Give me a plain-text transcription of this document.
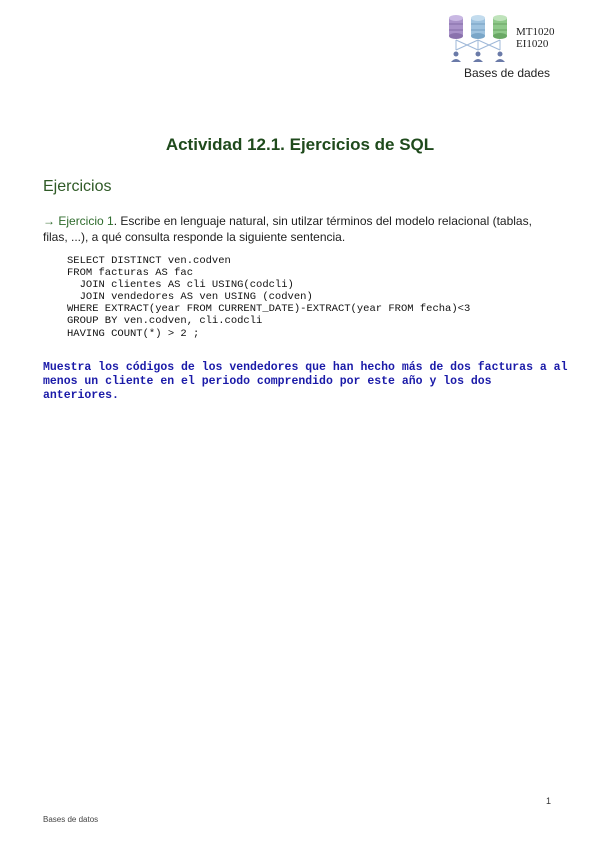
MT1020
EI1020
Bases de dades
Actividad 12.1. Ejercicios de SQL
Ejercicios

→ Ejercicio 1. Escribe en lenguaje natural, sin utilzar términos del modelo relacional (tablas, filas, ...), a qué consulta responde la siguiente sentencia.

SELECT DISTINCT ven.codven
FROM facturas AS fac
JOIN clientes AS cli USING(codcli)
JOIN vendedores AS ven USING (codven)
WHERE EXTRACT(year FROM CURRENT_DATE)-EXTRACT(year FROM fecha)<3
GROUP BY ven.codven, cli.codcli
HAVING COUNT(*) > 2 ;

Muestra los códigos de los vendedores que han hecho más de dos facturas a al menos un cliente en el periodo comprendido por este año y los dos anteriores.

1
Bases de datos
